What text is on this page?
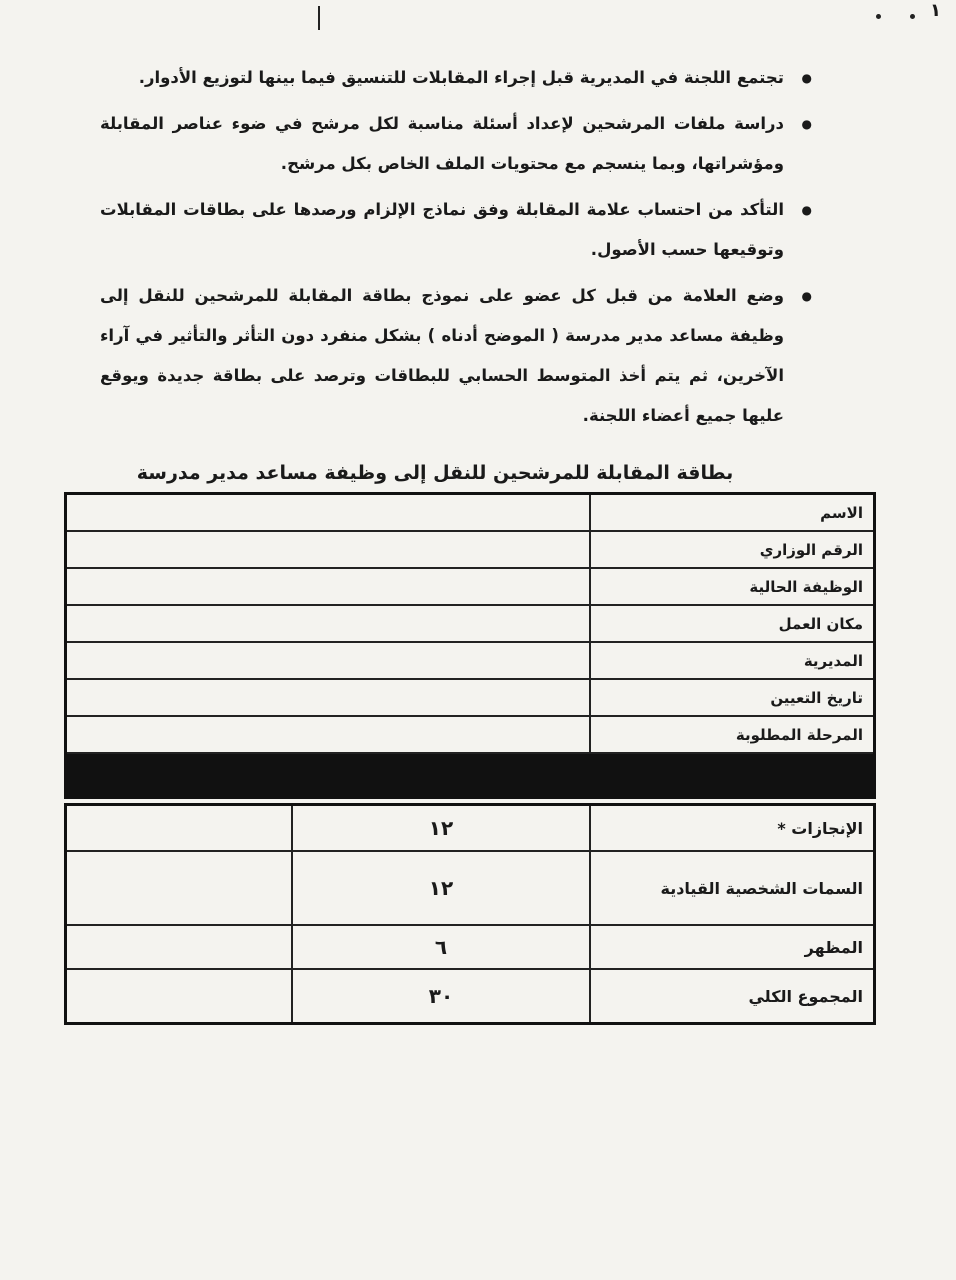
١
● تجتمع اللجنة في المديرية قبل إجراء المقابلات للتنسيق فيما بينها لتوزيع الأدوار.
● دراسة ملفات المرشحين لإعداد أسئلة مناسبة لكل مرشح في ضوء عناصر المقابلة ومؤشراتها، وبما ينسجم مع محتويات الملف الخاص بكل مرشح.
● التأكد من احتساب علامة المقابلة وفق نماذج الإلزام ورصدها على بطاقات المقابلات وتوقيعها حسب الأصول.
● وضع العلامة من قبل كل عضو على نموذج بطاقة المقابلة للمرشحين للنقل إلى وظيفة مساعد مدير مدرسة ( الموضح أدناه ) بشكل منفرد دون التأثر والتأثير في آراء الآخرين، ثم يتم أخذ المتوسط الحسابي للبطاقات وترصد على بطاقة جديدة ويوقع عليها جميع أعضاء اللجنة.
بطاقة المقابلة للمرشحين للنقل إلى وظيفة مساعد مدير مدرسة
الاسم	
الرقم الوزاري	
الوظيفة الحالية	
مكان العمل	
المديرية	
تاريخ التعيين	
المرحلة المطلوبة	

الإنجازات *	١٢	
السمات الشخصية القيادية	١٢	
المظهر	٦	
المجموع الكلي	٣٠	
